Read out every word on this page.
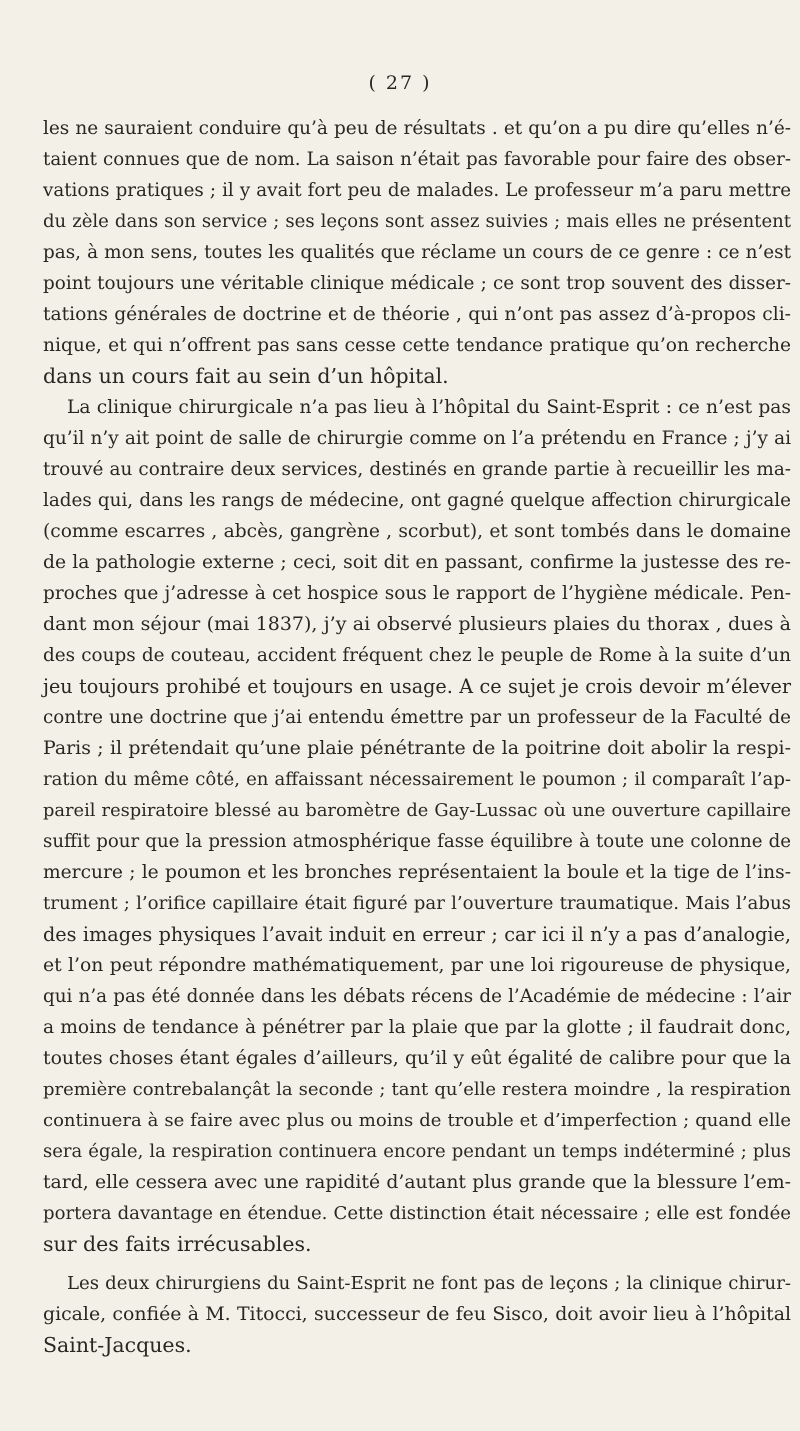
( 27 )
les ne sauraient conduire qu’à peu de résultats . et qu’on a pu dire qu’elles n’é-
taient connues que de nom. La saison n’était pas favorable pour faire des obser-
vations pratiques ; il y avait fort peu de malades. Le professeur m’a paru mettre
du zèle dans son service ; ses leçons sont assez suivies ; mais elles ne présentent
pas, à mon sens, toutes les qualités que réclame un cours de ce genre : ce n’est
point toujours une véritable clinique médicale ; ce sont trop souvent des disser-
tations générales de doctrine et de théorie , qui n’ont pas assez d’à-propos cli-
nique, et qui n’offrent pas sans cesse cette tendance pratique qu’on recherche
dans un cours fait au sein d’un hôpital.
La clinique chirurgicale n’a pas lieu à l’hôpital du Saint-Esprit : ce n’est pas
qu’il n’y ait point de salle de chirurgie comme on l’a prétendu en France ; j’y ai
trouvé au contraire deux services, destinés en grande partie à recueillir les ma-
lades qui, dans les rangs de médecine, ont gagné quelque affection chirurgicale
(comme escarres , abcès, gangrène , scorbut), et sont tombés dans le domaine
de la pathologie externe ; ceci, soit dit en passant, confirme la justesse des re-
proches que j’adresse à cet hospice sous le rapport de l’hygiène médicale. Pen-
dant mon séjour (mai 1837), j’y ai observé plusieurs plaies du thorax , dues à
des coups de couteau, accident fréquent chez le peuple de Rome à la suite d’un
jeu toujours prohibé et toujours en usage. A ce sujet je crois devoir m’élever
contre une doctrine que j’ai entendu émettre par un professeur de la Faculté de
Paris ; il prétendait qu’une plaie pénétrante de la poitrine doit abolir la respi-
ration du même côté, en affaissant nécessairement le poumon ; il comparaît l’ap-
pareil respiratoire blessé au baromètre de Gay-Lussac où une ouverture capillaire
suffit pour que la pression atmosphérique fasse équilibre à toute une colonne de
mercure ; le poumon et les bronches représentaient la boule et la tige de l’ins-
trument ; l’orifice capillaire était figuré par l’ouverture traumatique. Mais l’abus
des images physiques l’avait induit en erreur ; car ici il n’y a pas d’analogie,
et l’on peut répondre mathématiquement, par une loi rigoureuse de physique,
qui n’a pas été donnée dans les débats récens de l’Académie de médecine : l’air
a moins de tendance à pénétrer par la plaie que par la glotte ; il faudrait donc,
toutes choses étant égales d’ailleurs, qu’il y eût égalité de calibre pour que la
première contrebalançât la seconde ; tant qu’elle restera moindre , la respiration
continuera à se faire avec plus ou moins de trouble et d’imperfection ; quand elle
sera égale, la respiration continuera encore pendant un temps indéterminé ; plus
tard, elle cessera avec une rapidité d’autant plus grande que la blessure l’em-
portera davantage en étendue. Cette distinction était nécessaire ; elle est fondée
sur des faits irrécusables.
Les deux chirurgiens du Saint-Esprit ne font pas de leçons ; la clinique chirur-
gicale, confiée à M. Titocci, successeur de feu Sisco, doit avoir lieu à l’hôpital
Saint-Jacques.
